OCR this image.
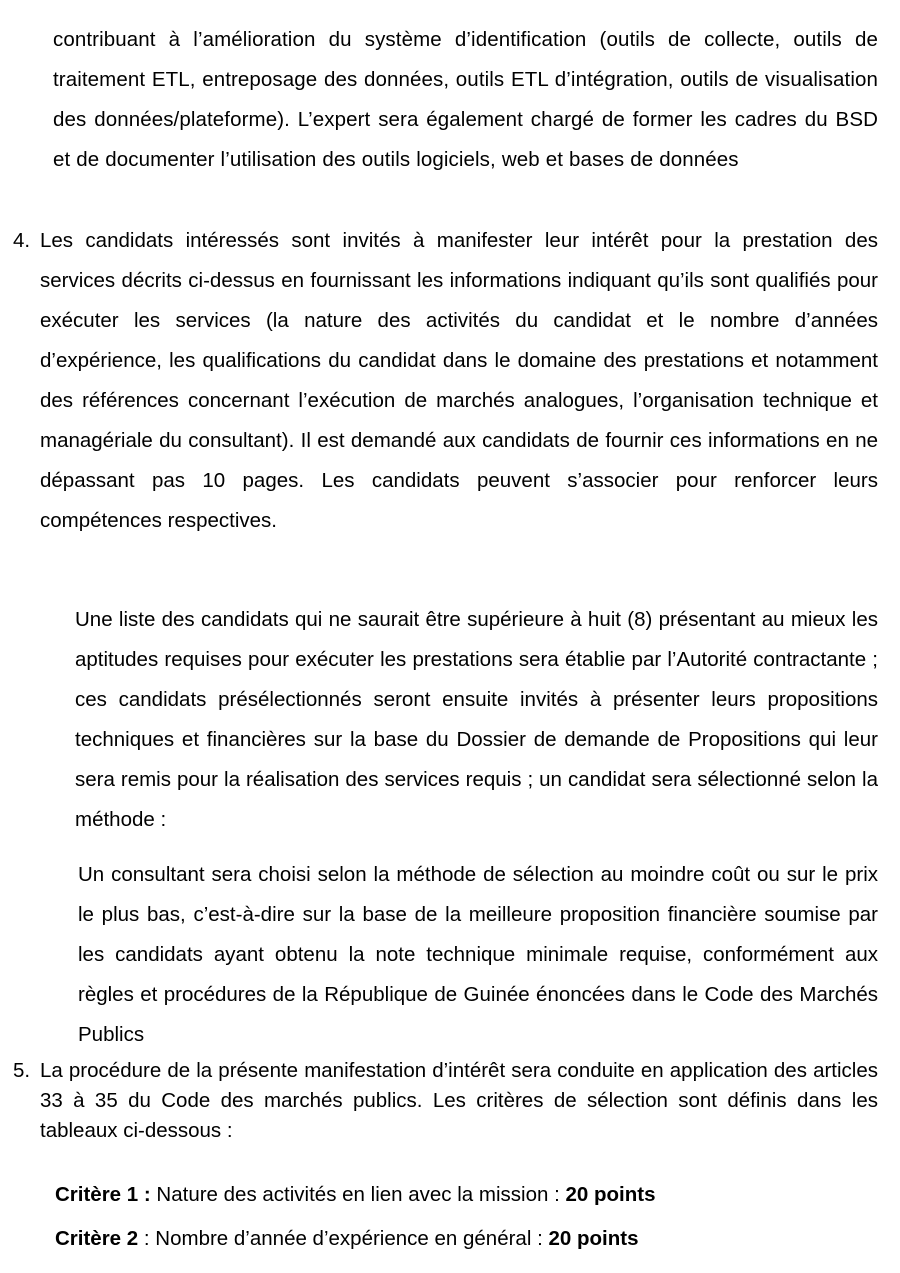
contribuant à l’amélioration du système d’identification (outils de collecte, outils de traitement ETL, entreposage des données, outils ETL d’intégration, outils de visualisation des données/plateforme). L’expert sera également chargé de former les cadres du BSD et de documenter l’utilisation des outils logiciels, web et bases de données
4. Les candidats intéressés sont invités à manifester leur intérêt pour la prestation des services décrits ci-dessus en fournissant les informations indiquant qu’ils sont qualifiés pour exécuter les services (la nature des activités du candidat et le nombre d’années d’expérience, les qualifications du candidat dans le domaine des prestations et notamment des références concernant l’exécution de marchés analogues, l’organisation technique et managériale du consultant). Il est demandé aux candidats de fournir ces informations en ne dépassant pas 10 pages. Les candidats peuvent s’associer pour renforcer leurs compétences respectives.
Une liste des candidats qui ne saurait être supérieure à huit (8) présentant au mieux les aptitudes requises pour exécuter les prestations sera établie par l’Autorité contractante ; ces candidats présélectionnés seront ensuite invités à présenter leurs propositions techniques et financières sur la base du Dossier de demande de Propositions qui leur sera remis pour la réalisation des services requis ; un candidat sera sélectionné selon la méthode :
Un consultant sera choisi selon la méthode de sélection au moindre coût ou sur le prix le plus bas, c’est-à-dire sur la base de la meilleure proposition financière soumise par les candidats ayant obtenu la note technique minimale requise, conformément aux règles et procédures de la République de Guinée énoncées dans le Code des Marchés Publics
5. La procédure de la présente manifestation d’intérêt sera conduite en application des articles 33 à 35 du Code des marchés publics. Les critères de sélection sont définis dans les tableaux ci-dessous :
Critère 1 : Nature des activités en lien avec la mission : 20 points
Critère 2 : Nombre d’année d’expérience en général : 20 points
